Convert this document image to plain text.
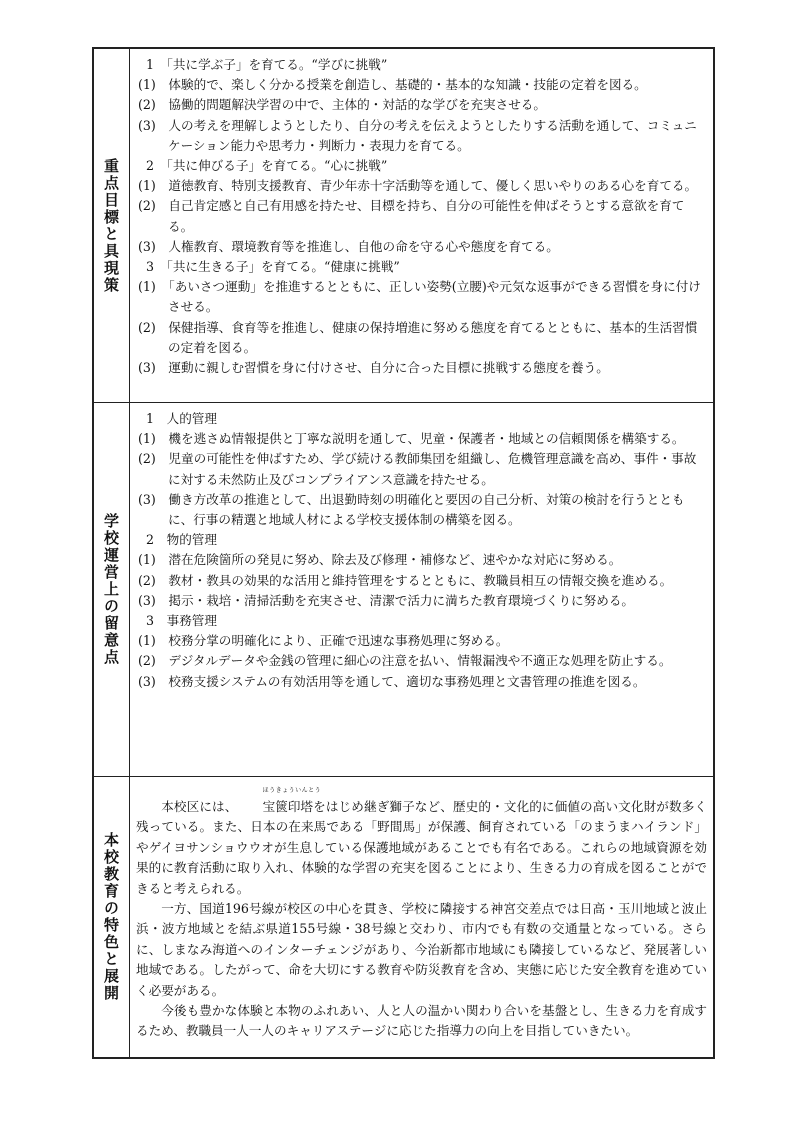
重点目標と具現策
1　「共に学ぶ子」を育てる。“学びに挑戦”
(1)　体験的で、楽しく分かる授業を創造し、基礎的・基本的な知識・技能の定着を図る。
(2)　協働的問題解決学習の中で、主体的・対話的な学びを充実させる。
(3)　人の考えを理解しようとしたり、自分の考えを伝えようとしたりする活動を通して、コミュニケーション能力や思考力・判断力・表現力を育てる。
2　「共に伸びる子」を育てる。“心に挑戦”
(1)　道徳教育、特別支援教育、青少年赤十字活動等を通して、優しく思いやりのある心を育てる。
(2)　自己肯定感と自己有用感を持たせ、目標を持ち、自分の可能性を伸ばそうとする意欲を育てる。
(3)　人権教育、環境教育等を推進し、自他の命を守る心や態度を育てる。
3　「共に生きる子」を育てる。“健康に挑戦”
(1)　「あいさつ運動」を推進するとともに、正しい姿勢(立腰)や元気な返事ができる習慣を身に付けさせる。
(2)　保健指導、食育等を推進し、健康の保持増進に努める態度を育てるとともに、基本的生活習慣の定着を図る。
(3)　運動に親しむ習慣を身に付けさせ、自分に合った目標に挑戦する態度を養う。
学校運営上の留意点
1　人的管理
(1)　機を逃さぬ情報提供と丁寧な説明を通して、児童・保護者・地域との信頼関係を構築する。
(2)　児童の可能性を伸ばすため、学び続ける教師集団を組織し、危機管理意識を高め、事件・事故に対する未然防止及びコンプライアンス意識を持たせる。
(3)　働き方改革の推進として、出退勤時刻の明確化と要因の自己分析、対策の検討を行うとともに、行事の精選と地域人材による学校支援体制の構築を図る。
2　物的管理
(1)　潜在危険箇所の発見に努め、除去及び修理・補修など、速やかな対応に努める。
(2)　教材・教具の効果的な活用と維持管理をするとともに、教職員相互の情報交換を進める。
(3)　掲示・栽培・清掃活動を充実させ、清潔で活力に満ちた教育環境づくりに努める。
3　事務管理
(1)　校務分掌の明確化により、正確で迅速な事務処理に努める。
(2)　デジタルデータや金銭の管理に細心の注意を払い、情報漏洩や不適正な処理を防止する。
(3)　校務支援システムの有効活用等を通して、適切な事務処理と文書管理の推進を図る。
本校教育の特色と展開

本校区には、
ほうきょういんとう
宝篋印塔をはじめ継ぎ獅子など、歴史的・文化的に価値の高い文化財が数多く残っている。また、日本の在来馬である「野間馬」が保護、飼育されている「のまうまハイランド」やゲイヨサンショウウオが生息している保護地域があることでも有名である。これらの地域資源を効果的に教育活動に取り入れ、体験的な学習の充実を図ることにより、生きる力の育成を図ることができると考えられる。

一方、国道196号線が校区の中心を貫き、学校に隣接する神宮交差点では日高・玉川地域と波止浜・波方地域とを結ぶ県道155号線・38号線と交わり、市内でも有数の交通量となっている。さらに、しまなみ海道へのインターチェンジがあり、今治新都市地域にも隣接しているなど、発展著しい地域である。したがって、命を大切にする教育や防災教育を含め、実態に応じた安全教育を進めていく必要がある。

今後も豊かな体験と本物のふれあい、人と人の温かい関わり合いを基盤とし、生きる力を育成するため、教職員一人一人のキャリアステージに応じた指導力の向上を目指していきたい。
